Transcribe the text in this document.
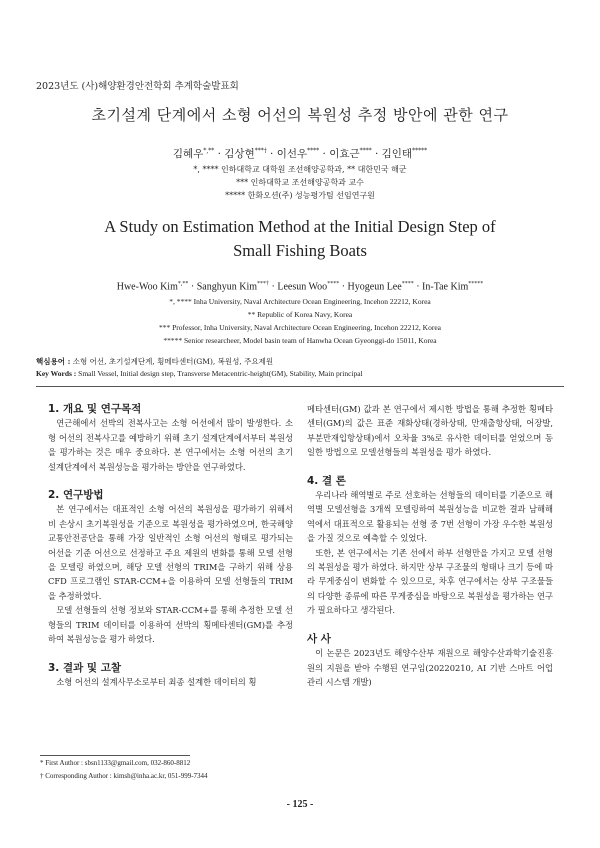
2023년도 (사)해양환경안전학회 추계학술발표회
초기설계 단계에서 소형 어선의 복원성 추정 방안에 관한 연구
김혜우*,** · 김상현***† · 이선우**** · 이효근**** · 김인태*****
*, **** 인하대학교 대학원 조선해양공학과, ** 대한민국 해군
*** 인하대학교 조선해양공학과 교수
***** 한화오션(주) 성능평가팀 선임연구원
A Study on Estimation Method at the Initial Design Step of
Small Fishing Boats
Hwe-Woo Kim*,** · Sanghyun Kim***† · Leesun Woo**** · Hyogeun Lee**** · In-Tae Kim*****
*, **** Inha University, Naval Architecture Ocean Engineering, Incehon 22212, Korea
** Republic of Korea Navy, Korea
*** Professor, Inha University, Naval Architecture Ocean Engineering, Incehon 22212, Korea
***** Senior researcheer, Model basin team of Hanwha Ocean Gyeonggi-do 15011, Korea
핵심용어 : 소형 어선, 초기설계단계, 횡메타센터(GM), 복원성, 주요제원
Key Words : Small Vessel, Initial design step, Transverse Metacentric-height(GM), Stability, Main principal
1. 개요 및 연구목적

연근해에서 선박의 전복사고는 소형 어선에서 많이 발생한다. 소형 어선의 전복사고를 예방하기 위해 초기 설계단계에서부터 복원성을 평가하는 것은 매우 중요하다. 본 연구에서는 소형 어선의 초기 설계단계에서 복원성능을 평가하는 방안을 연구하였다.

2. 연구방법

본 연구에서는 대표적인 소형 어선의 복원성을 평가하기 위해서 비 손상시 초기복원성을 기준으로 복원성을 평가하였으며, 한국해양교통안전공단을 통해 가장 일반적인 소형 어선의 형태로 평가되는 어선을 기준 어선으로 선정하고 주요 제원의 변화를 통해 모델 선형을 모델링 하였으며, 해당 모델 선형의 TRIM을 구하기 위해 상용 CFD 프로그램인 STAR-CCM+을 이용하여 모델 선형들의 TRIM을 추정하였다.

모델 선형들의 선형 정보와 STAR-CCM+를 통해 추정한 모델 선형들의 TRIM 데이터를 이용하여 선박의 횡메타센터(GM)를 추정하여 복원성능을 평가 하였다.

3. 결과 및 고찰

소형 어선의 설계사무소로부터 최종 설계한 데이터의 횡

* First Author : sbsn1133@gmail.com, 032-860-8812
† Corresponding Author : kimsh@inha.ac.kr, 051-999-7344

메타센터(GM) 값과 본 연구에서 제시한 방법을 통해 추정한 횡메타센터(GM)의 값은 표준 재화상태(경하상태, 만재출항상태, 어장발, 부분만재입항상태)에서 오차율 3%로 유사한 데이터를 얻었으며 동일한 방법으로 모델선형들의 복원성을 평가 하였다.

4. 결 론

우리나라 해역별로 주로 선호하는 선형들의 데이터를 기준으로 해역별 모델선형을 3개씩 모델링하여 복원성능을 비교한 결과 남해해역에서 대표적으로 활용되는 선형 중 7번 선형이 가장 우수한 복원성을 가질 것으로 예측할 수 있었다.

또한, 본 연구에서는 기존 선에서 하부 선형만을 가지고 모델 선형의 복원성을 평가 하였다. 하지만 상부 구조물의 형태나 크기 등에 따라 무게중심이 변화할 수 있으므로, 차후 연구에서는 상부 구조물들의 다양한 종류에 따른 무게중심을 바탕으로 복원성을 평가하는 연구가 필요하다고 생각된다.

사 사

이 논문은 2023년도 해양수산부 재원으로 해양수산과학기술진흥원의 지원을 받아 수행된 연구임(20220210, AI 기반 스마트 어업관리 시스템 개발)

- 125 -
